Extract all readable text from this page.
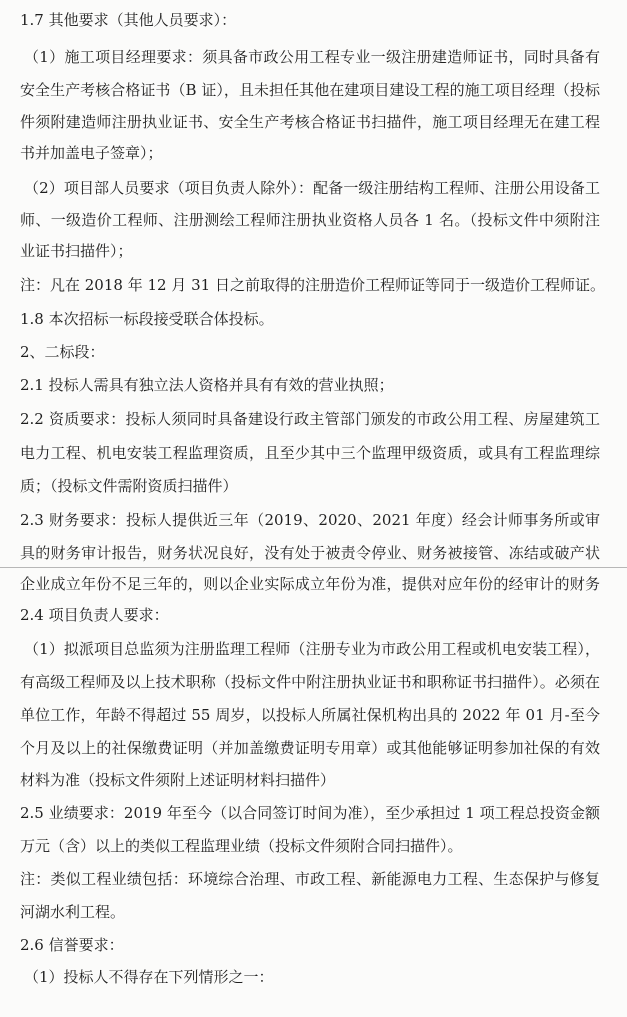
1.7 其他要求（其他人员要求）：
（1）施工项目经理要求：须具备市政公用工程专业一级注册建造师证书，同时具备有
安全生产考核合格证书（B 证），且未担任其他在建项目建设工程的施工项目经理（投标
件须附建造师注册执业证书、安全生产考核合格证书扫描件，施工项目经理无在建工程
书并加盖电子签章）；
（2）项目部人员要求（项目负责人除外）：配备一级注册结构工程师、注册公用设备工
师、一级造价工程师、注册测绘工程师注册执业资格人员各 1 名。（投标文件中须附注
业证书扫描件）；
注：凡在 2018 年 12 月 31 日之前取得的注册造价工程师证等同于一级造价工程师证。
1.8 本次招标一标段接受联合体投标。
2、二标段：
2.1 投标人需具有独立法人资格并具有有效的营业执照；
2.2 资质要求：投标人须同时具备建设行政主管部门颁发的市政公用工程、房屋建筑工
电力工程、机电安装工程监理资质，且至少其中三个监理甲级资质，或具有工程监理综
质；（投标文件需附资质扫描件）
2.3 财务要求：投标人提供近三年（2019、2020、2021 年度）经会计师事务所或审
具的财务审计报告，财务状况良好，没有处于被责令停业、财务被接管、冻结或破产状
企业成立年份不足三年的，则以企业实际成立年份为准，提供对应年份的经审计的财务
2.4 项目负责人要求：
（1）拟派项目总监须为注册监理工程师（注册专业为市政公用工程或机电安装工程），
有高级工程师及以上技术职称（投标文件中附注册执业证书和职称证书扫描件）。必须在
单位工作，年龄不得超过 55 周岁，以投标人所属社保机构出具的 2022 年 01 月-至今
个月及以上的社保缴费证明（并加盖缴费证明专用章）或其他能够证明参加社保的有效
材料为准（投标文件须附上述证明材料扫描件）
2.5 业绩要求：2019 年至今（以合同签订时间为准），至少承担过 1 项工程总投资金额
万元（含）以上的类似工程监理业绩（投标文件须附合同扫描件）。
注：类似工程业绩包括：环境综合治理、市政工程、新能源电力工程、生态保护与修复
河湖水利工程。
2.6 信誉要求：
（1）投标人不得存在下列情形之一：
